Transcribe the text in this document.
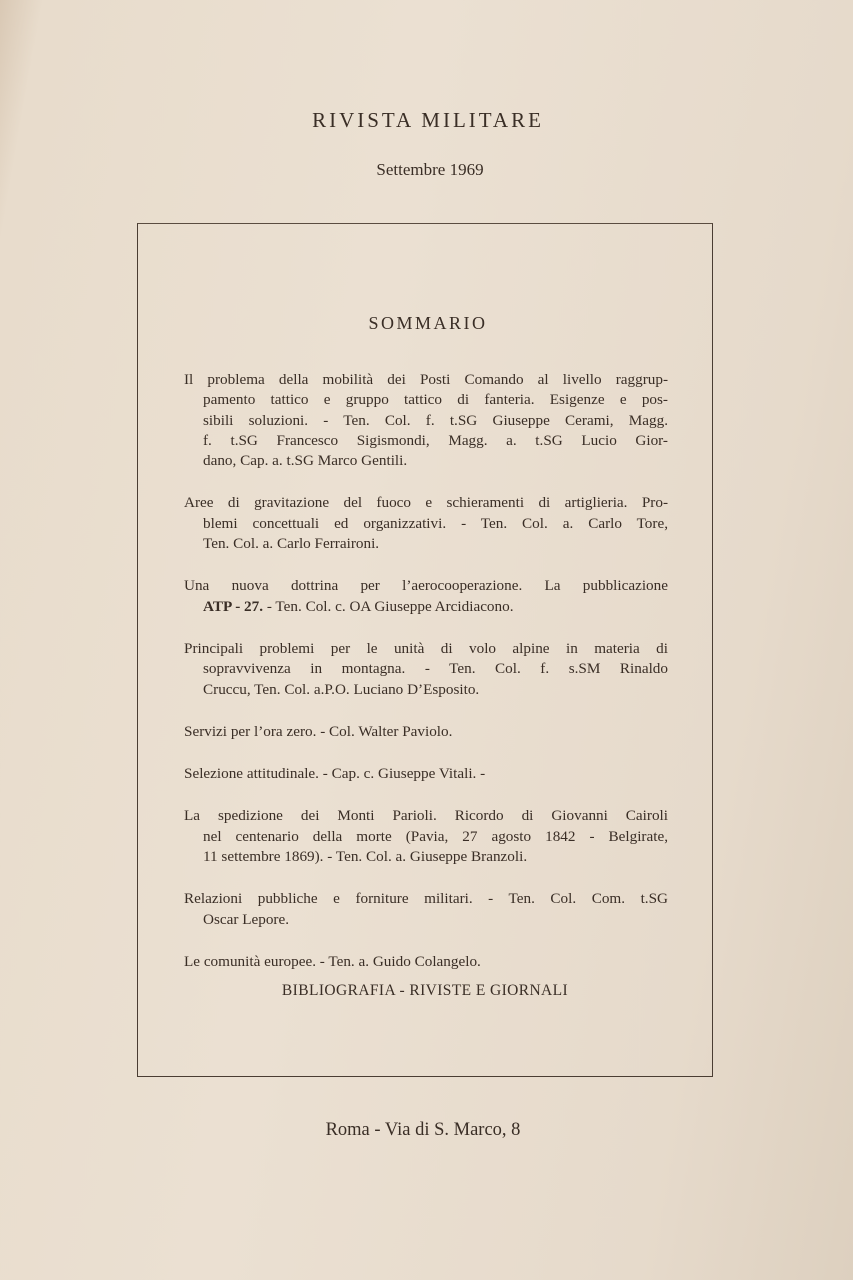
RIVISTA MILITARE
Settembre 1969
SOMMARIO
Il problema della mobilità dei Posti Comando al livello raggrup-
pamento tattico e gruppo tattico di fanteria. Esigenze e pos-
sibili soluzioni. - Ten. Col. f. t.SG Giuseppe Cerami, Magg.
f. t.SG Francesco Sigismondi, Magg. a. t.SG Lucio Gior-
dano, Cap. a. t.SG Marco Gentili.
Aree di gravitazione del fuoco e schieramenti di artiglieria. Pro-
blemi concettuali ed organizzativi. - Ten. Col. a. Carlo Tore,
Ten. Col. a. Carlo Ferraironi.
Una nuova dottrina per l’aerocooperazione. La pubblicazione
ATP - 27. - Ten. Col. c. OA Giuseppe Arcidiacono.
Principali problemi per le unità di volo alpine in materia di
sopravvivenza in montagna. - Ten. Col. f. s.SM Rinaldo
Cruccu, Ten. Col. a.P.O. Luciano D’Esposito.
Servizi per l’ora zero. - Col. Walter Paviolo.
Selezione attitudinale. - Cap. c. Giuseppe Vitali. -
La spedizione dei Monti Parioli. Ricordo di Giovanni Cairoli
nel centenario della morte (Pavia, 27 agosto 1842 - Belgirate,
11 settembre 1869). - Ten. Col. a. Giuseppe Branzoli.
Relazioni pubbliche e forniture militari. - Ten. Col. Com. t.SG
Oscar Lepore.
Le comunità europee. - Ten. a. Guido Colangelo.
BIBLIOGRAFIA - RIVISTE E GIORNALI
Roma - Via di S. Marco, 8
